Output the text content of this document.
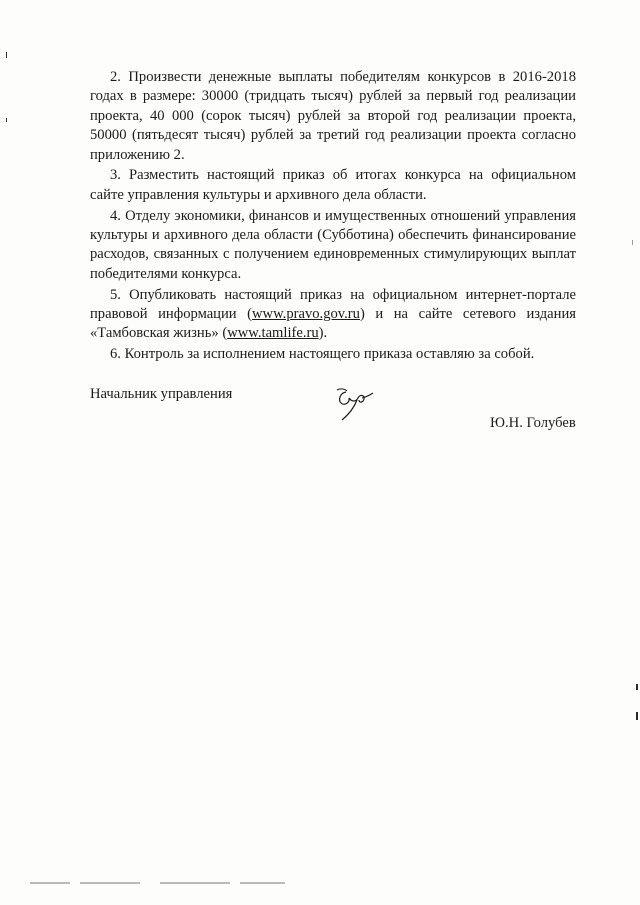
2. Произвести денежные выплаты победителям конкурсов в 2016-2018 годах в размере: 30000 (тридцать тысяч) рублей за первый год реализации проекта, 40 000 (сорок тысяч) рублей за второй год реализации проекта, 50000 (пятьдесят тысяч) рублей за третий год реализации проекта согласно приложению 2.

3. Разместить настоящий приказ об итогах конкурса на официальном сайте управления культуры и архивного дела области.

4. Отделу экономики, финансов и имущественных отношений управления культуры и архивного дела области (Субботина) обеспечить финансирование расходов, связанных с получением единовременных стимулирующих выплат победителями конкурса.

5. Опубликовать настоящий приказ на официальном интернет-портале правовой информации (www.pravo.gov.ru) и на сайте сетевого издания «Тамбовская жизнь» (www.tamlife.ru).

6. Контроль за исполнением настоящего приказа оставляю за собой.

Начальник управления
Ю.Н. Голубев
